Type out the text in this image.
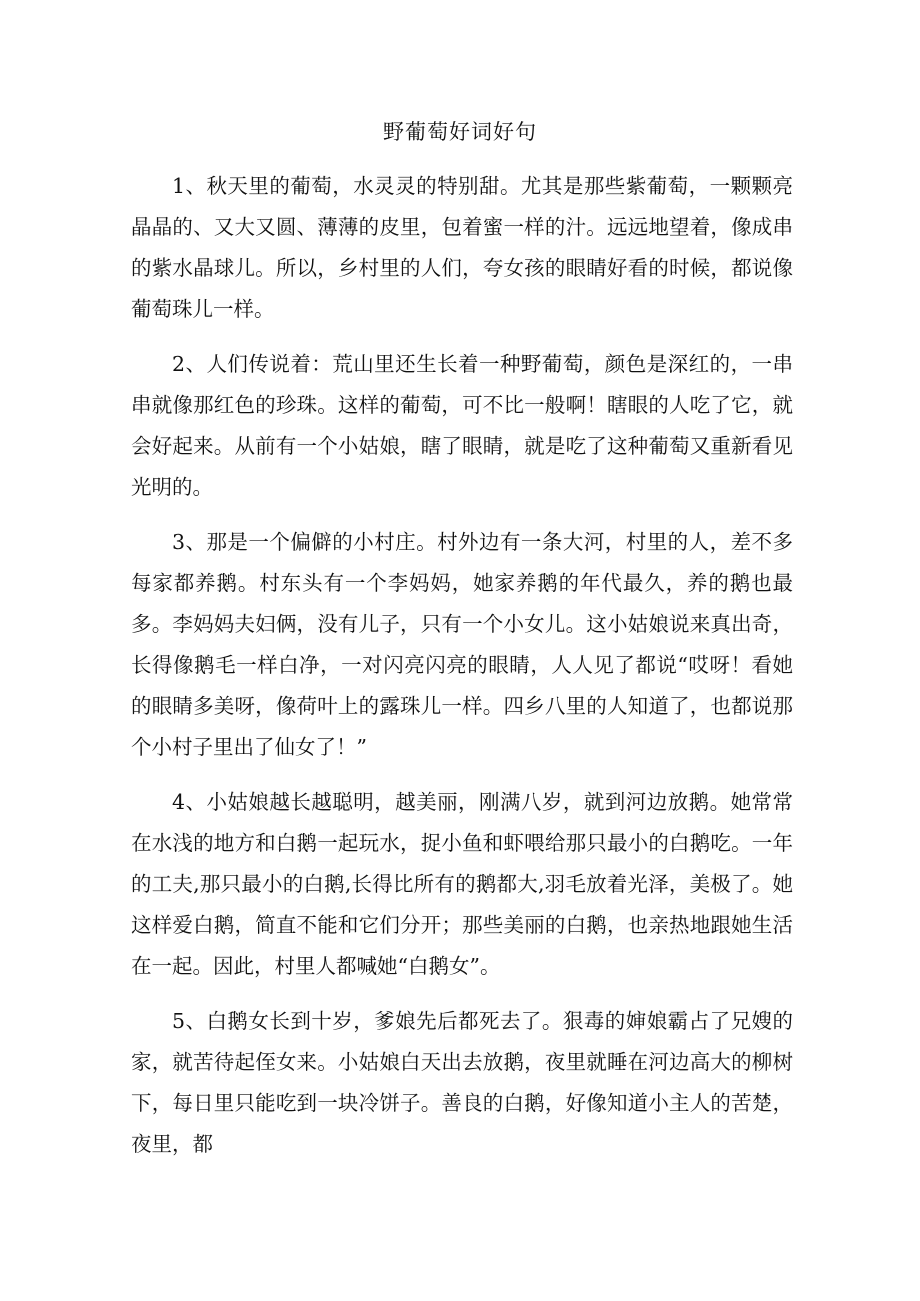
野葡萄好词好句

1、秋天里的葡萄，水灵灵的特别甜。尤其是那些紫葡萄，一颗颗亮晶晶的、又大又圆、薄薄的皮里，包着蜜一样的汁。远远地望着，像成串的紫水晶球儿。所以，乡村里的人们，夸女孩的眼睛好看的时候，都说像葡萄珠儿一样。

2、人们传说着：荒山里还生长着一种野葡萄，颜色是深红的，一串串就像那红色的珍珠。这样的葡萄，可不比一般啊！瞎眼的人吃了它，就会好起来。从前有一个小姑娘，瞎了眼睛，就是吃了这种葡萄又重新看见光明的。

3、那是一个偏僻的小村庄。村外边有一条大河，村里的人，差不多每家都养鹅。村东头有一个李妈妈，她家养鹅的年代最久，养的鹅也最多。李妈妈夫妇俩，没有儿子，只有一个小女儿。这小姑娘说来真出奇，长得像鹅毛一样白净，一对闪亮闪亮的眼睛，人人见了都说“哎呀！看她的眼睛多美呀，像荷叶上的露珠儿一样。四乡八里的人知道了，也都说那个小村子里出了仙女了！”

4、小姑娘越长越聪明，越美丽，刚满八岁，就到河边放鹅。她常常在水浅的地方和白鹅一起玩水，捉小鱼和虾喂给那只最小的白鹅吃。一年的工夫,那只最小的白鹅,长得比所有的鹅都大,羽毛放着光泽，美极了。她这样爱白鹅，简直不能和它们分开；那些美丽的白鹅，也亲热地跟她生活在一起。因此，村里人都喊她“白鹅女”。

5、白鹅女长到十岁，爹娘先后都死去了。狠毒的婶娘霸占了兄嫂的家，就苦待起侄女来。小姑娘白天出去放鹅，夜里就睡在河边高大的柳树下，每日里只能吃到一块冷饼子。善良的白鹅，好像知道小主人的苦楚，夜里，都
